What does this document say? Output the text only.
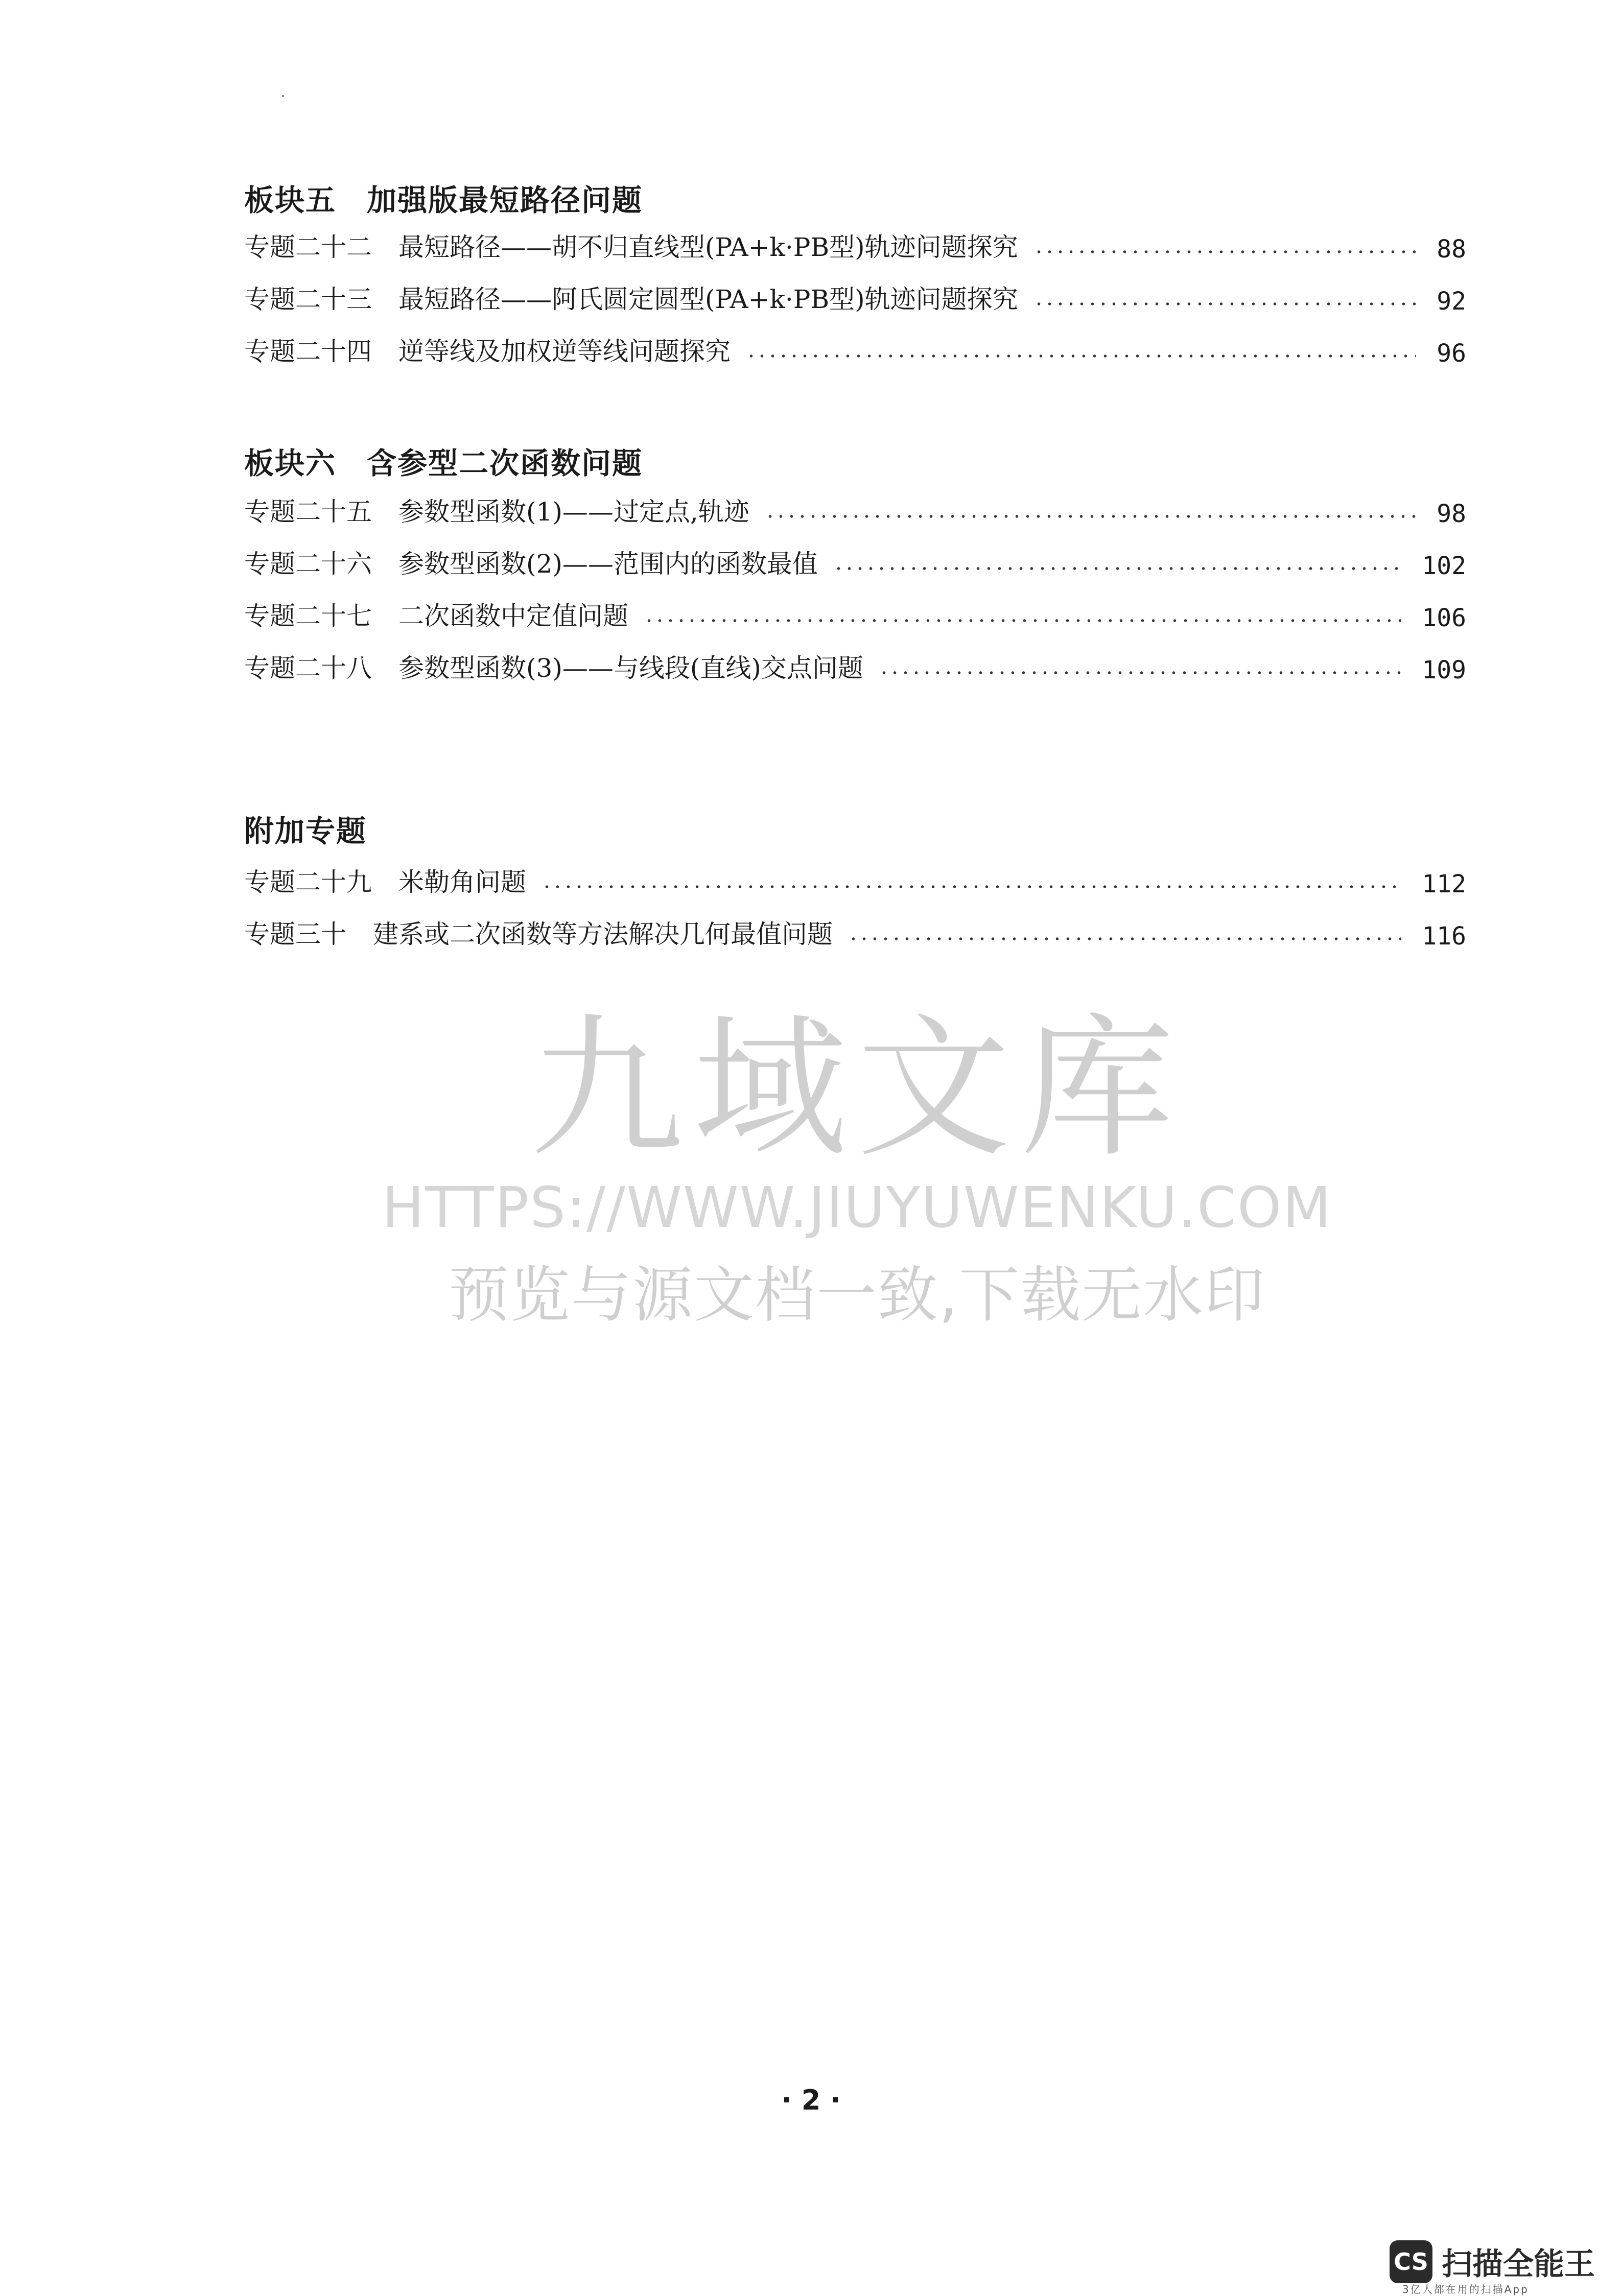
板块五　加强版最短路径问题
专题二十二 最短路径——胡不归直线型(PA+k·PB型)轨迹问题探究	88
专题二十三 最短路径——阿氏圆定圆型(PA+k·PB型)轨迹问题探究	92
专题二十四 逆等线及加权逆等线问题探究	96
板块六　含参型二次函数问题
专题二十五 参数型函数(1)——过定点,轨迹	98
专题二十六 参数型函数(2)——范围内的函数最值	102
专题二十七 二次函数中定值问题	106
专题二十八 参数型函数(3)——与线段(直线)交点问题	109
附加专题
专题二十九 米勒角问题	112
专题三十 建系或二次函数等方法解决几何最值问题	116
九域文库
HTTPS://WWW.JIUYUWENKU.COM
预览与源文档一致,下载无水印
· 2 ·
CS 扫描全能王
3亿人都在用的扫描App
